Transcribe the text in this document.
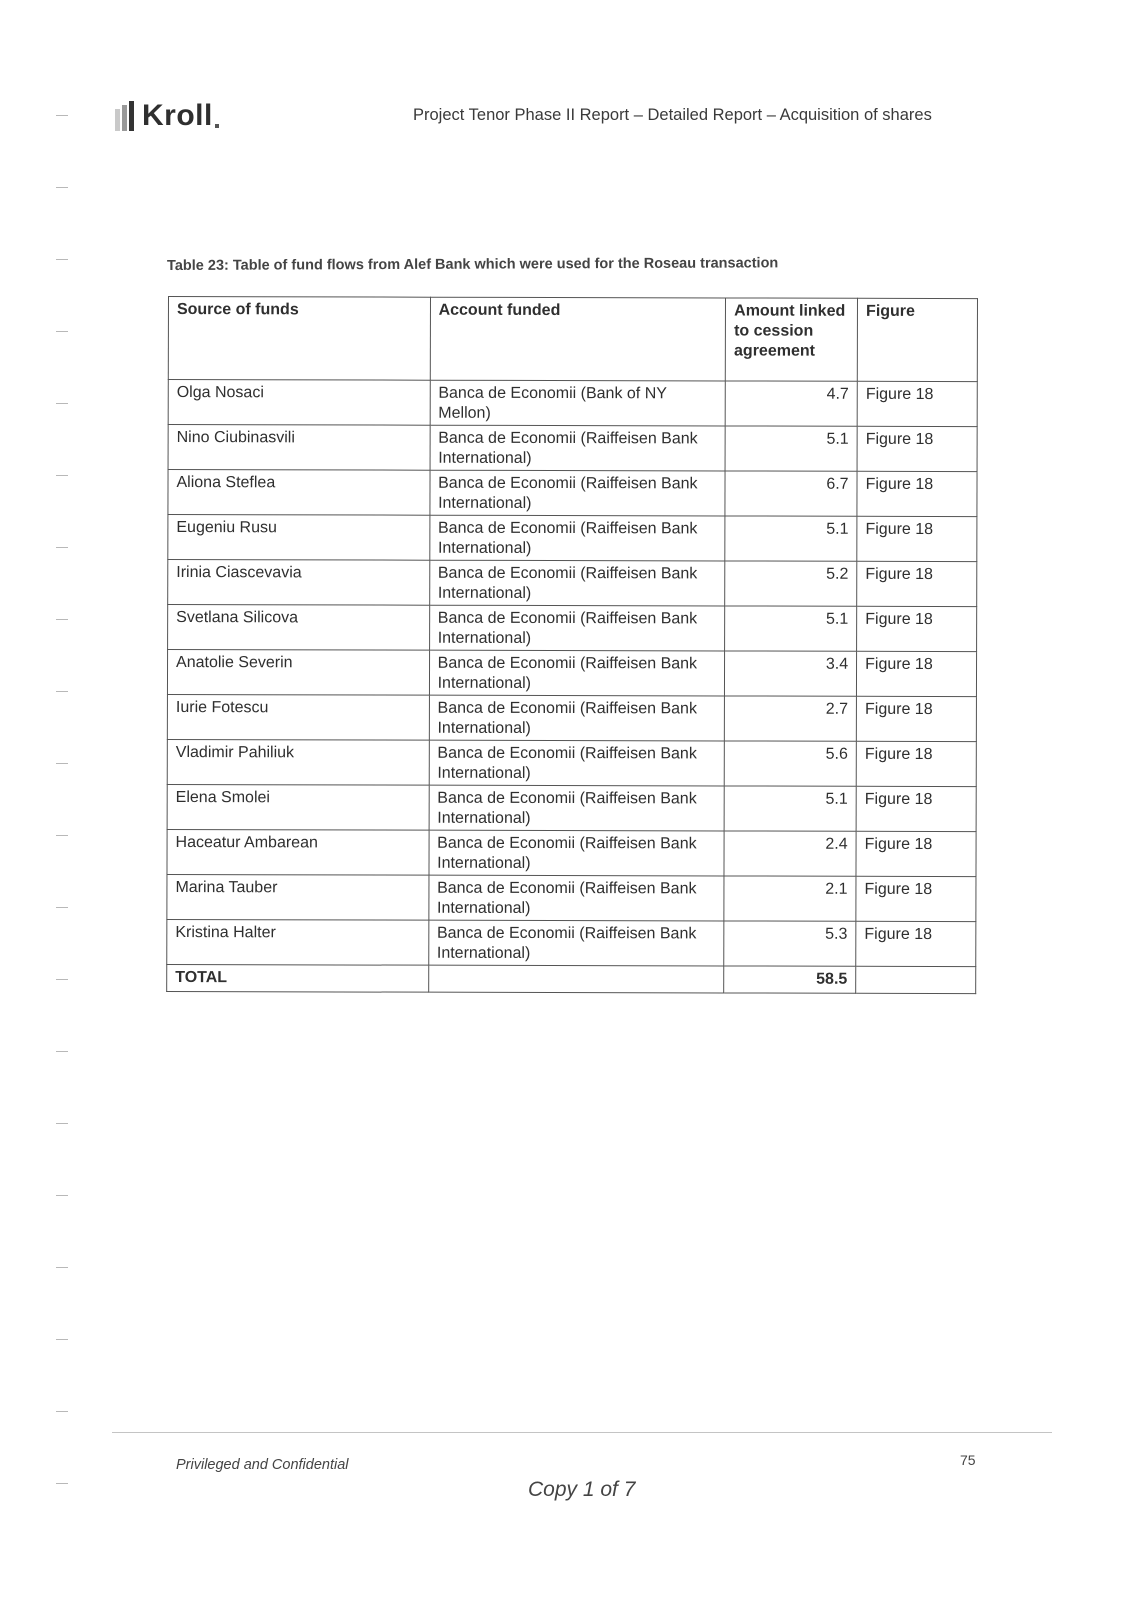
Kroll	Project Tenor Phase II Report – Detailed Report – Acquisition of shares
Table 23: Table of fund flows from Alef Bank which were used for the Roseau transaction
Source of funds	Account funded	Amount linked to cession agreement	Figure
Olga Nosaci	Banca de Economii (Bank of NY Mellon)	4.7	Figure 18
Nino Ciubinasvili	Banca de Economii (Raiffeisen Bank International)	5.1	Figure 18
Aliona Steflea	Banca de Economii (Raiffeisen Bank International)	6.7	Figure 18
Eugeniu Rusu	Banca de Economii (Raiffeisen Bank International)	5.1	Figure 18
Irinia Ciascevavia	Banca de Economii (Raiffeisen Bank International)	5.2	Figure 18
Svetlana Silicova	Banca de Economii (Raiffeisen Bank International)	5.1	Figure 18
Anatolie Severin	Banca de Economii (Raiffeisen Bank International)	3.4	Figure 18
Iurie Fotescu	Banca de Economii (Raiffeisen Bank International)	2.7	Figure 18
Vladimir Pahiliuk	Banca de Economii (Raiffeisen Bank International)	5.6	Figure 18
Elena Smolei	Banca de Economii (Raiffeisen Bank International)	5.1	Figure 18
Haceatur Ambarean	Banca de Economii (Raiffeisen Bank International)	2.4	Figure 18
Marina Tauber	Banca de Economii (Raiffeisen Bank International)	2.1	Figure 18
Kristina Halter	Banca de Economii (Raiffeisen Bank International)	5.3	Figure 18
TOTAL		58.5	
Privileged and Confidential	75
Copy 1 of 7
